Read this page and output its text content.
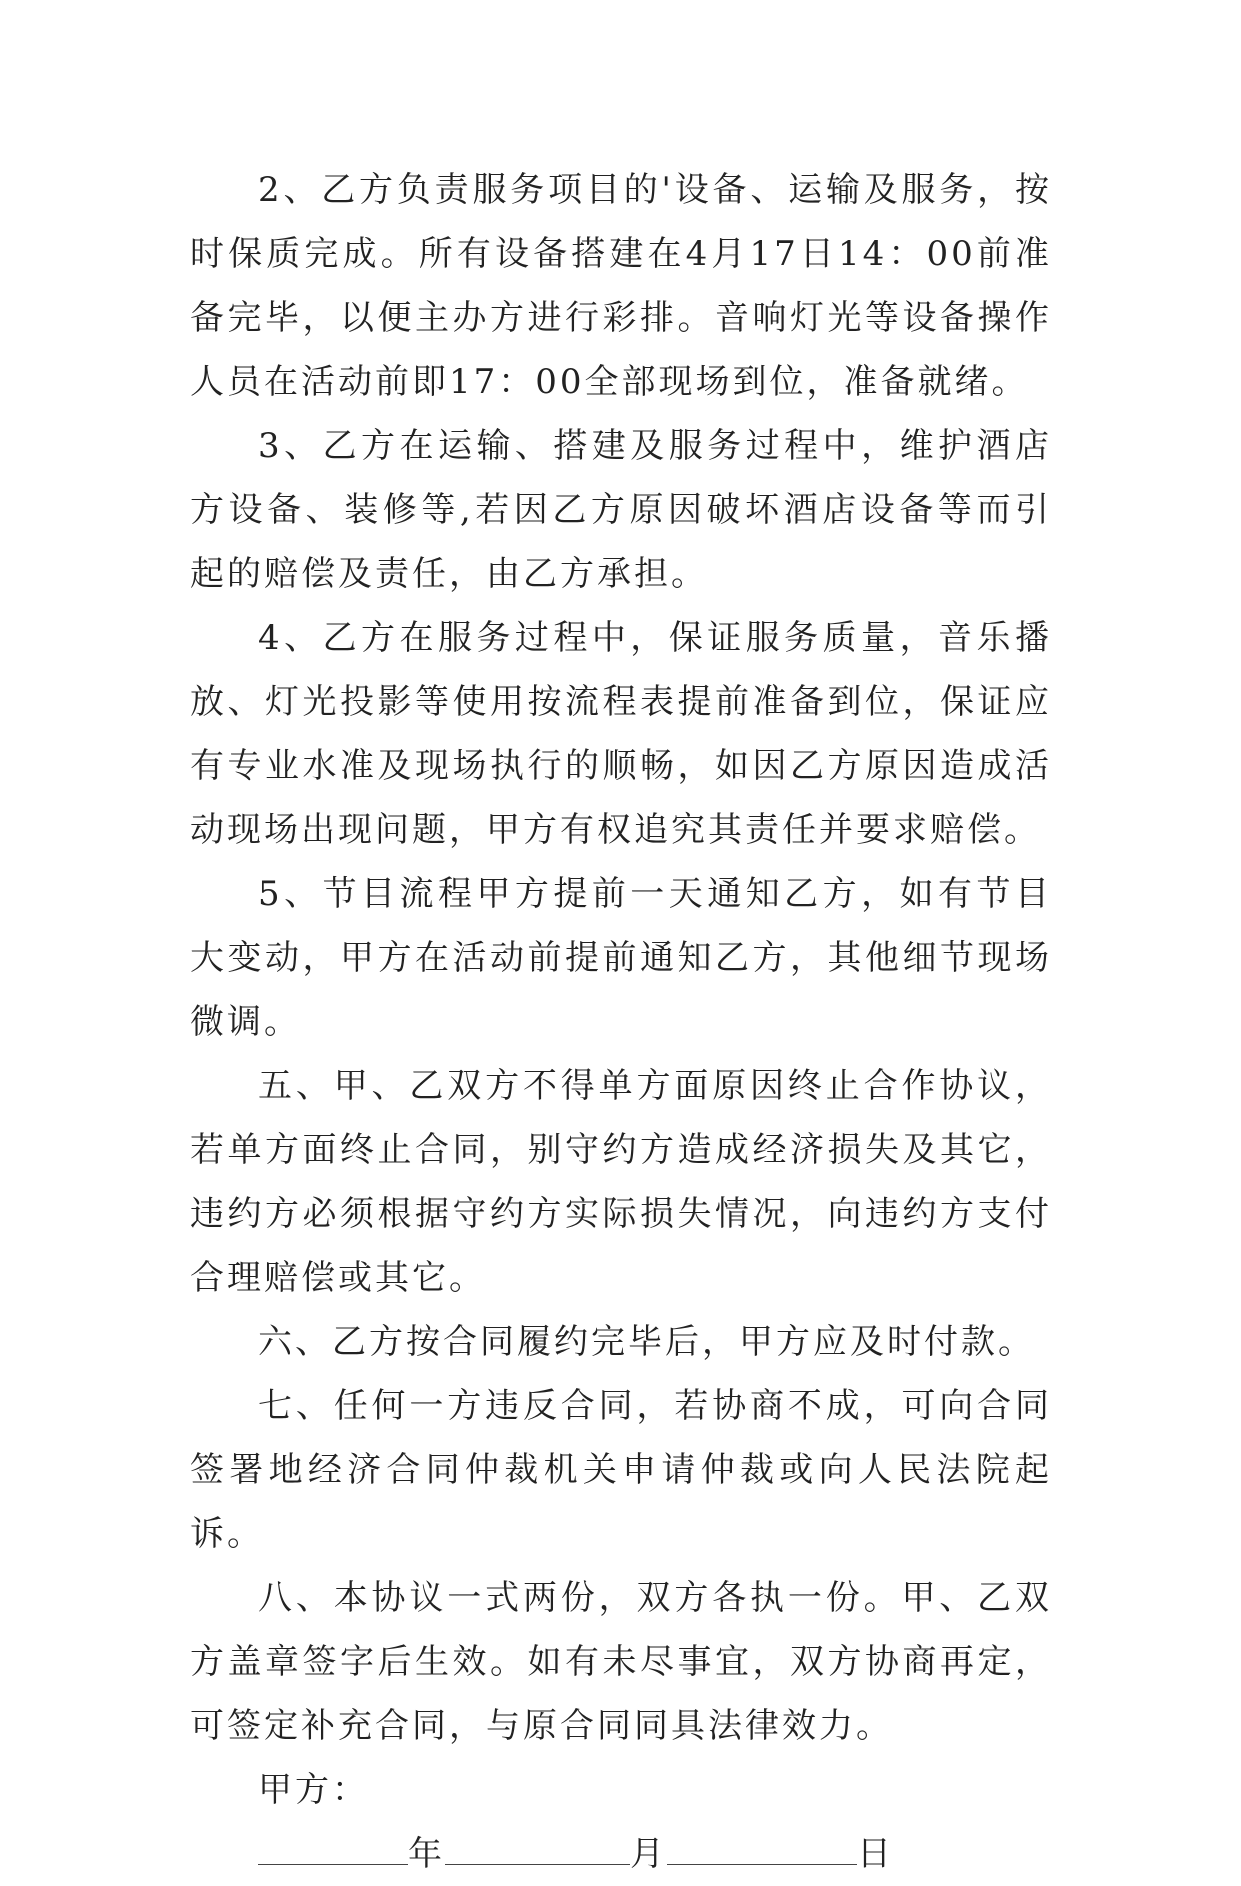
2、乙方负责服务项目的'设备、运输及服务，按时保质完成。所有设备搭建在4月17日14：00前准备完毕，以便主办方进行彩排。音响灯光等设备操作人员在活动前即17：00全部现场到位，准备就绪。

3、乙方在运输、搭建及服务过程中，维护酒店方设备、装修等,若因乙方原因破坏酒店设备等而引起的赔偿及责任，由乙方承担。

4、乙方在服务过程中，保证服务质量，音乐播放、灯光投影等使用按流程表提前准备到位，保证应有专业水准及现场执行的顺畅，如因乙方原因造成活动现场出现问题，甲方有权追究其责任并要求赔偿。

5、节目流程甲方提前一天通知乙方，如有节目大变动，甲方在活动前提前通知乙方，其他细节现场微调。

五、甲、乙双方不得单方面原因终止合作协议，若单方面终止合同，别守约方造成经济损失及其它，违约方必须根据守约方实际损失情况，向违约方支付合理赔偿或其它。

六、乙方按合同履约完毕后，甲方应及时付款。

七、任何一方违反合同，若协商不成，可向合同签署地经济合同仲裁机关申请仲裁或向人民法院起诉。

八、本协议一式两份，双方各执一份。甲、乙双方盖章签字后生效。如有未尽事宜，双方协商再定，可签定补充合同，与原合同同具法律效力。

甲方：

年	月	日
